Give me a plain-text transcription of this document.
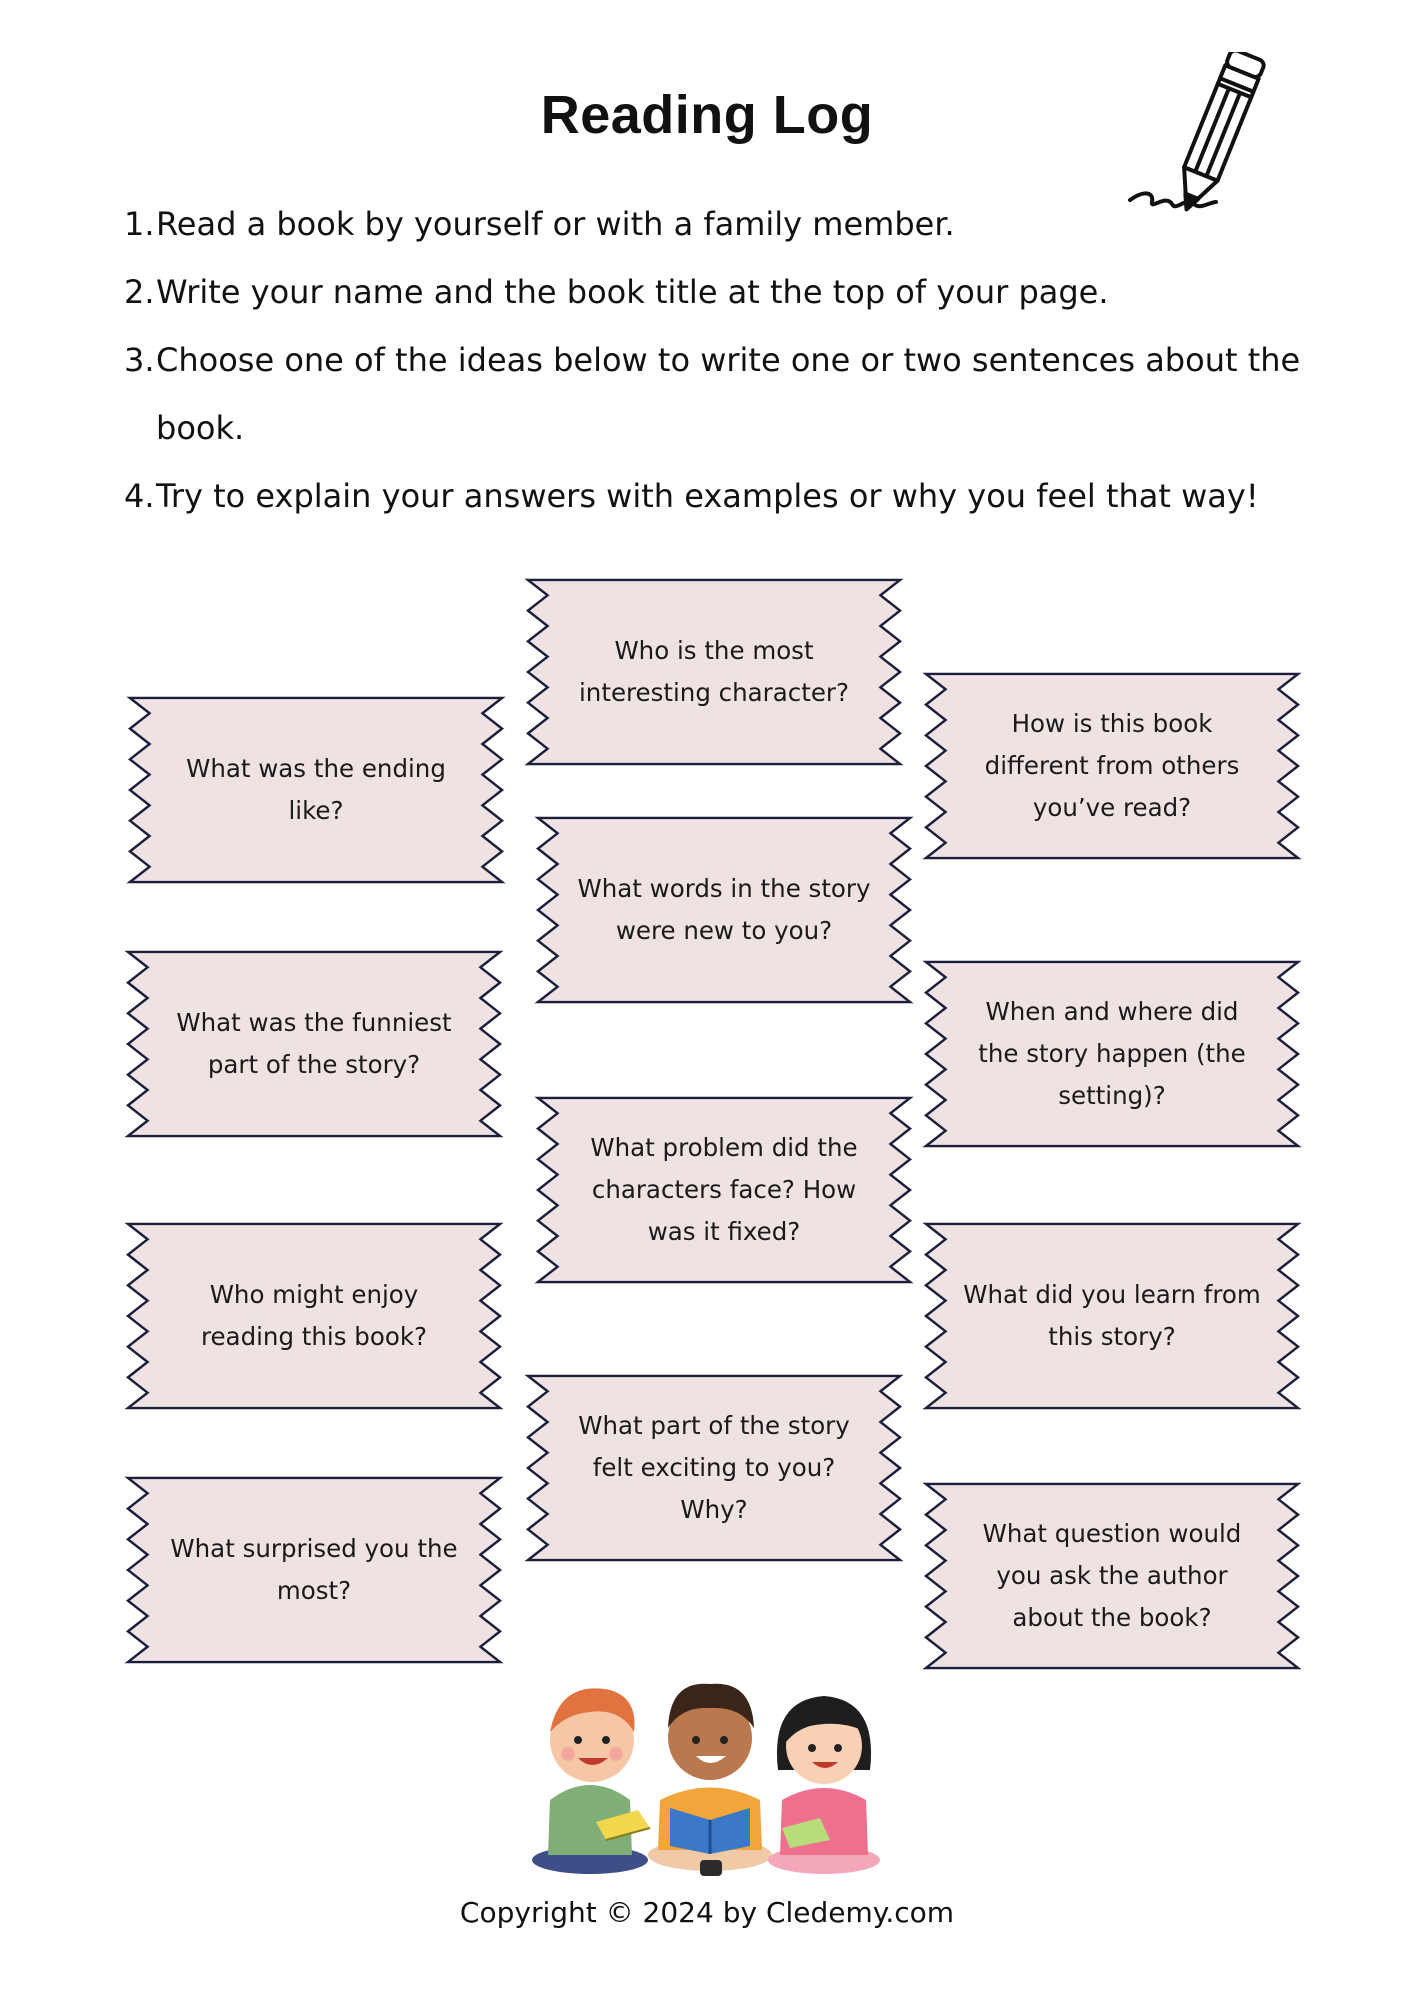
Reading Log
1. Read a book by yourself or with a family member.
2. Write your name and the book title at the top of your page.
3. Choose one of the ideas below to write one or two sentences about the book.
4. Try to explain your answers with examples or why you feel that way!
Who is the most interesting character?
What was the ending like?
How is this book different from others you’ve read?
What words in the story were new to you?
What was the funniest part of the story?
When and where did the story happen (the setting)?
What problem did the characters face? How was it fixed?
Who might enjoy reading this book?
What did you learn from this story?
What part of the story felt exciting to you? Why?
What surprised you the most?
What question would you ask the author about the book?
Copyright © 2024 by Cledemy.com
